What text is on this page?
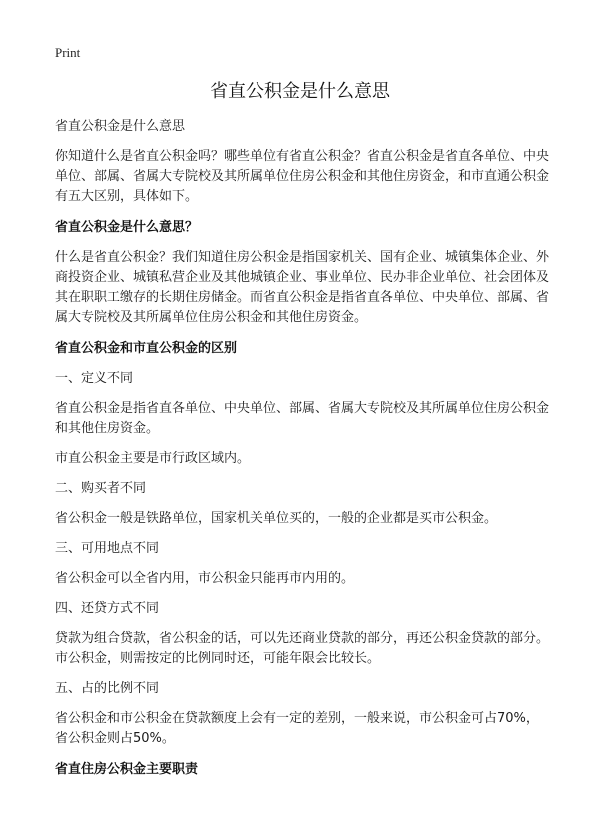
Print
省直公积金是什么意思

省直公积金是什么意思

你知道什么是省直公积金吗？哪些单位有省直公积金？省直公积金是省直各单位、中央单位、部属、省属大专院校及其所属单位住房公积金和其他住房资金，和市直通公积金有五大区别，具体如下。

省直公积金是什么意思？

什么是省直公积金？我们知道住房公积金是指国家机关、国有企业、城镇集体企业、外商投资企业、城镇私营企业及其他城镇企业、事业单位、民办非企业单位、社会团体及其在职职工缴存的长期住房储金。而省直公积金是指省直各单位、中央单位、部属、省属大专院校及其所属单位住房公积金和其他住房资金。

省直公积金和市直公积金的区别

一、定义不同

省直公积金是指省直各单位、中央单位、部属、省属大专院校及其所属单位住房公积金和其他住房资金。

市直公积金主要是市行政区域内。

二、购买者不同

省公积金一般是铁路单位，国家机关单位买的，一般的企业都是买市公积金。

三、可用地点不同

省公积金可以全省内用，市公积金只能再市内用的。

四、还贷方式不同

贷款为组合贷款，省公积金的话，可以先还商业贷款的部分，再还公积金贷款的部分。市公积金，则需按定的比例同时还，可能年限会比较长。

五、占的比例不同

省公积金和市公积金在贷款额度上会有一定的差别，一般来说，市公积金可占70%，省公积金则占50%。

省直住房公积金主要职责
